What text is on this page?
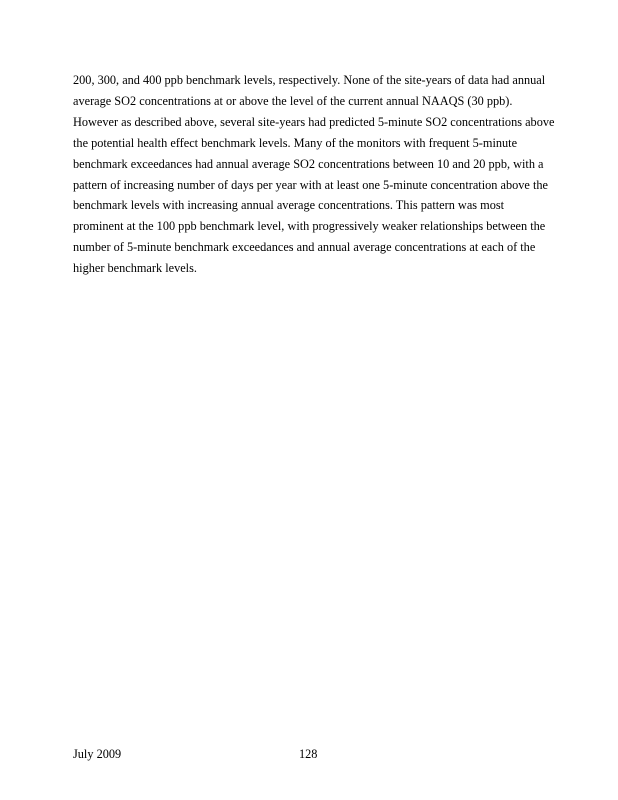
200, 300, and 400 ppb benchmark levels, respectively. None of the site-years of data had annual
average SO2 concentrations at or above the level of the current annual NAAQS (30 ppb).
However as described above, several site-years had predicted 5-minute SO2 concentrations above
the potential health effect benchmark levels. Many of the monitors with frequent 5-minute
benchmark exceedances had annual average SO2 concentrations between 10 and 20 ppb, with a
pattern of increasing number of days per year with at least one 5-minute concentration above the
benchmark levels with increasing annual average concentrations. This pattern was most
prominent at the 100 ppb benchmark level, with progressively weaker relationships between the
number of 5-minute benchmark exceedances and annual average concentrations at each of the
higher benchmark levels.

July 2009	128
